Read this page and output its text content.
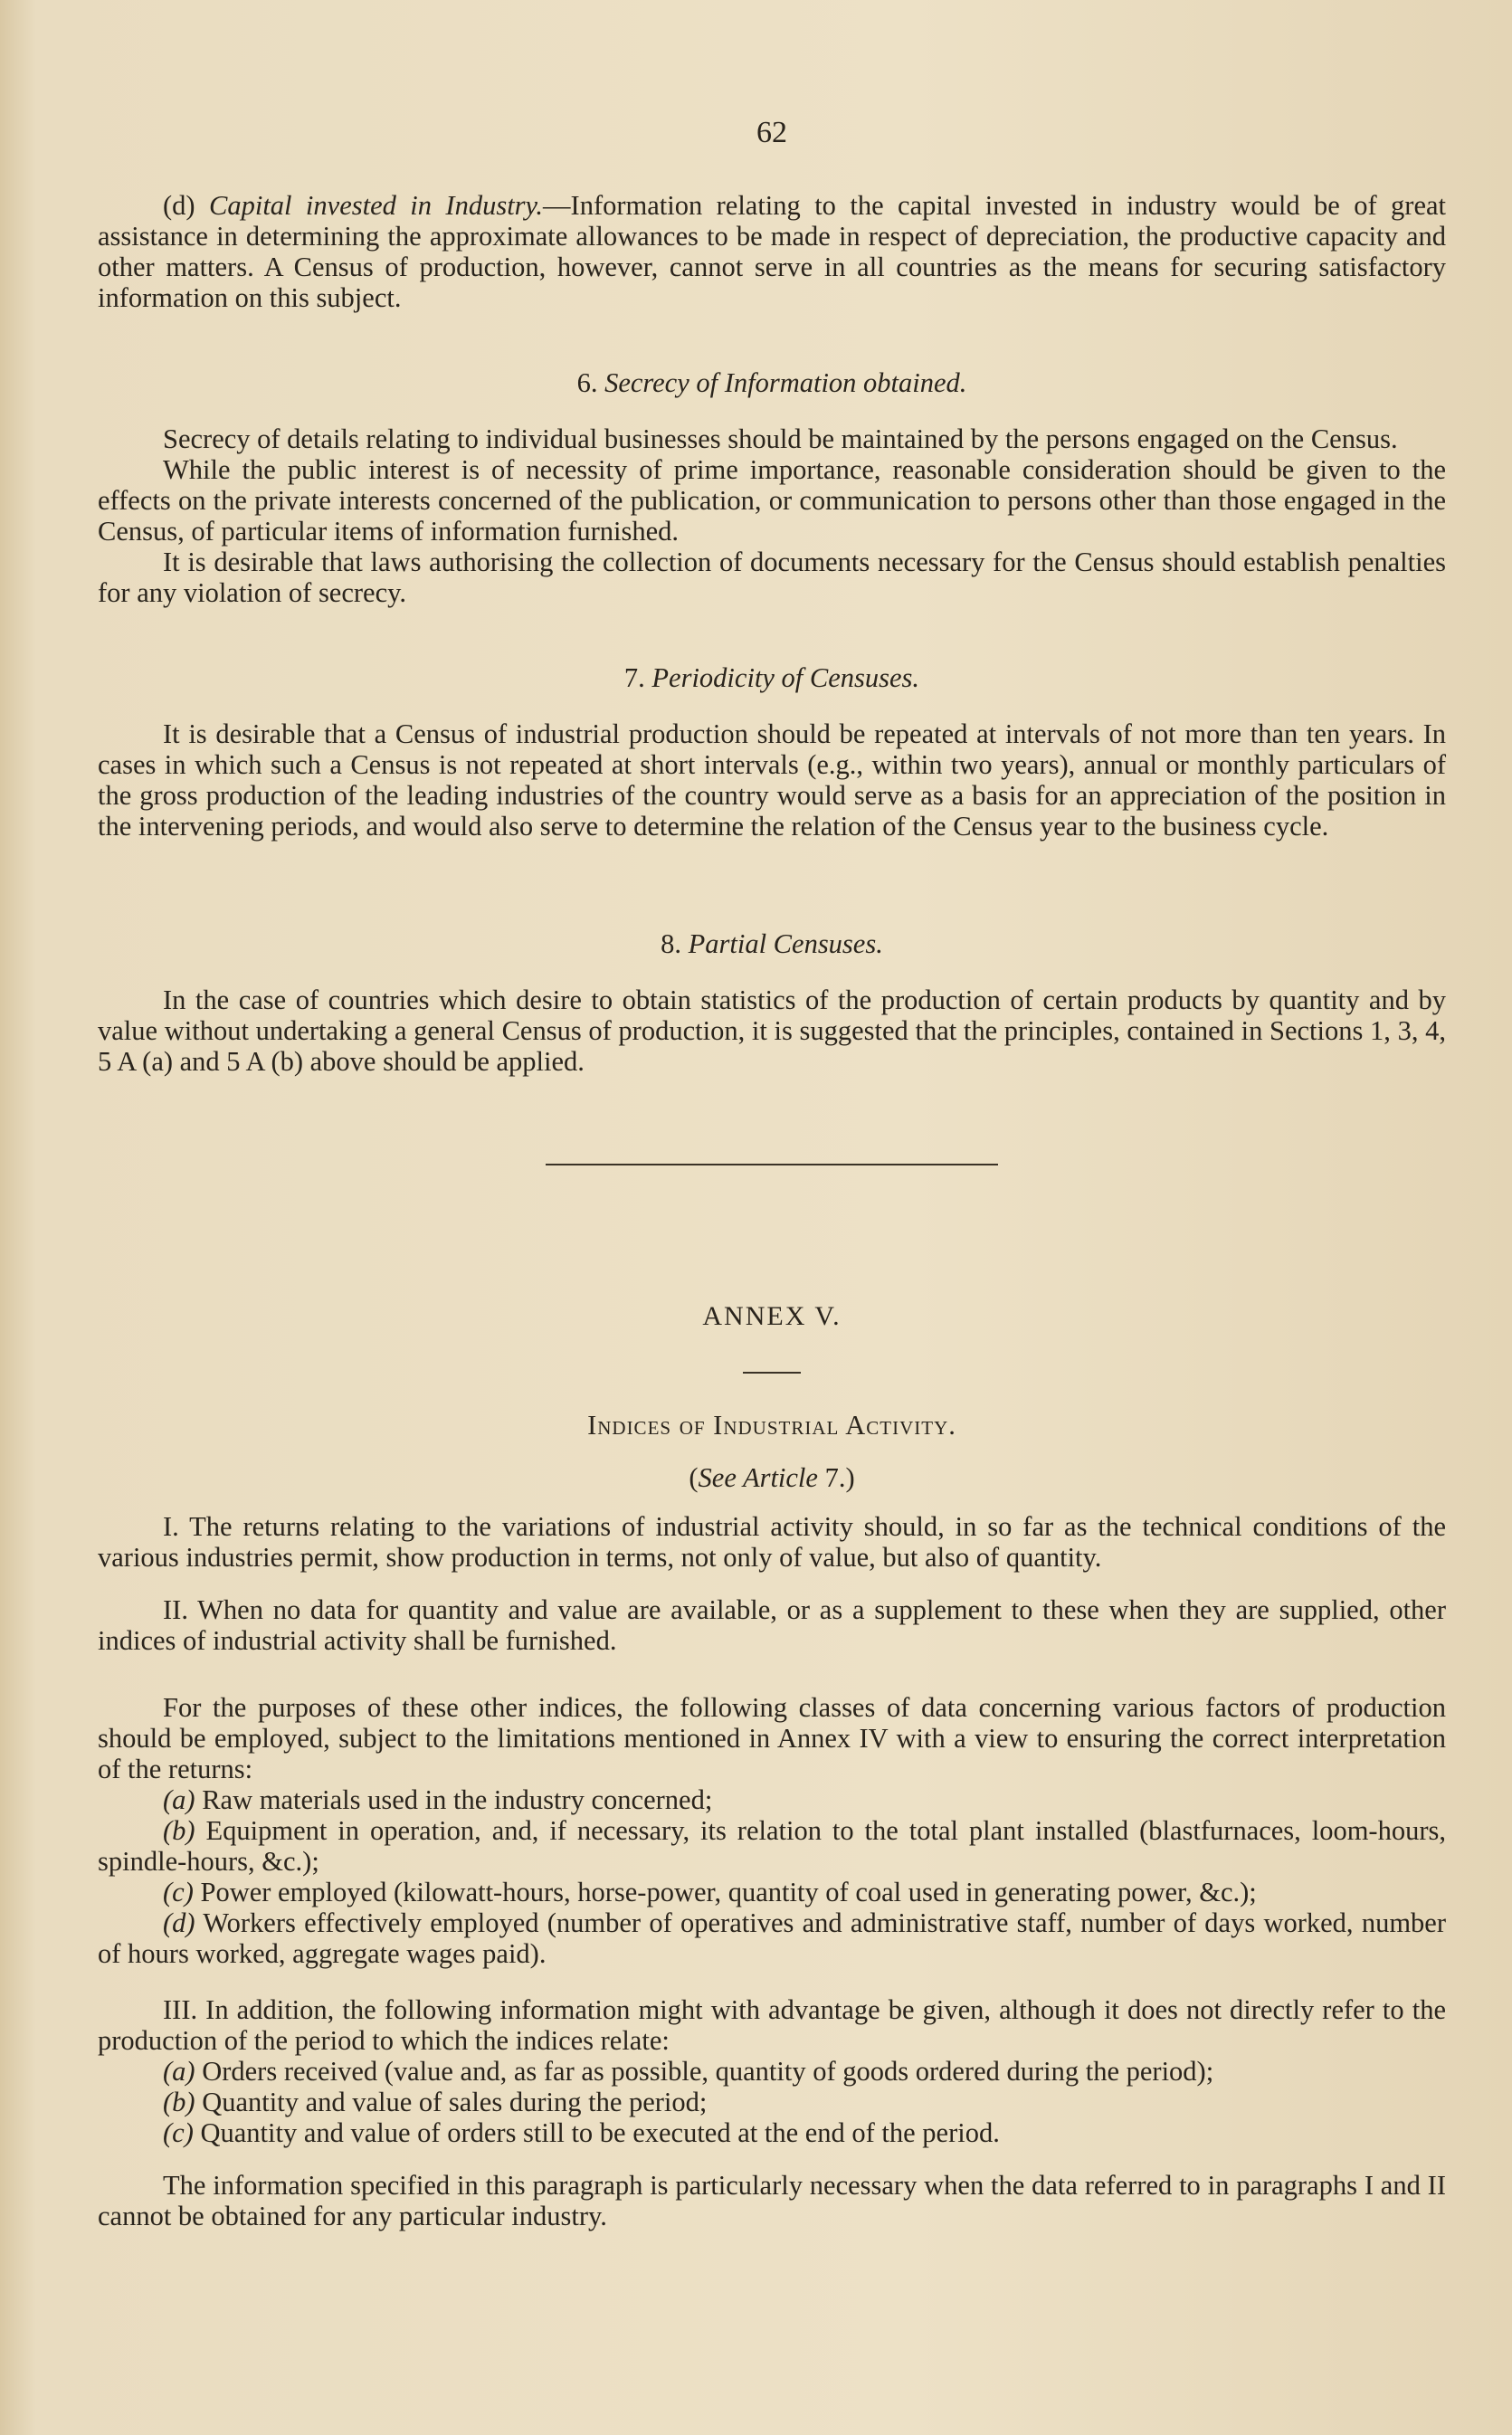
62

(d) Capital invested in Industry.—Information relating to the capital invested in industry would be of great assistance in determining the approximate allowances to be made in respect of depreciation, the productive capacity and other matters. A Census of production, however, cannot serve in all countries as the means for securing satisfactory information on this subject.

6. Secrecy of Information obtained.

Secrecy of details relating to individual businesses should be maintained by the persons engaged on the Census.

While the public interest is of necessity of prime importance, reasonable consideration should be given to the effects on the private interests concerned of the publication, or communication to persons other than those engaged in the Census, of particular items of information furnished.

It is desirable that laws authorising the collection of documents necessary for the Census should establish penalties for any violation of secrecy.

7. Periodicity of Censuses.

It is desirable that a Census of industrial production should be repeated at intervals of not more than ten years. In cases in which such a Census is not repeated at short intervals (e.g., within two years), annual or monthly particulars of the gross production of the leading industries of the country would serve as a basis for an appreciation of the position in the intervening periods, and would also serve to determine the relation of the Census year to the business cycle.

8. Partial Censuses.

In the case of countries which desire to obtain statistics of the production of certain products by quantity and by value without undertaking a general Census of production, it is suggested that the principles, contained in Sections 1, 3, 4, 5 A (a) and 5 A (b) above should be applied.

ANNEX V.
Indices of Industrial Activity.
(See Article 7.)

I. The returns relating to the variations of industrial activity should, in so far as the technical conditions of the various industries permit, show production in terms, not only of value, but also of quantity.

II. When no data for quantity and value are available, or as a supplement to these when they are supplied, other indices of industrial activity shall be furnished.

For the purposes of these other indices, the following classes of data concerning various factors of production should be employed, subject to the limitations mentioned in Annex IV with a view to ensuring the correct interpretation of the returns:

(a) Raw materials used in the industry concerned;

(b) Equipment in operation, and, if necessary, its relation to the total plant installed (blastfurnaces, loom-hours, spindle-hours, &c.);

(c) Power employed (kilowatt-hours, horse-power, quantity of coal used in generating power, &c.);

(d) Workers effectively employed (number of operatives and administrative staff, number of days worked, number of hours worked, aggregate wages paid).

III. In addition, the following information might with advantage be given, although it does not directly refer to the production of the period to which the indices relate:

(a) Orders received (value and, as far as possible, quantity of goods ordered during the period);

(b) Quantity and value of sales during the period;

(c) Quantity and value of orders still to be executed at the end of the period.

The information specified in this paragraph is particularly necessary when the data referred to in paragraphs I and II cannot be obtained for any particular industry.
